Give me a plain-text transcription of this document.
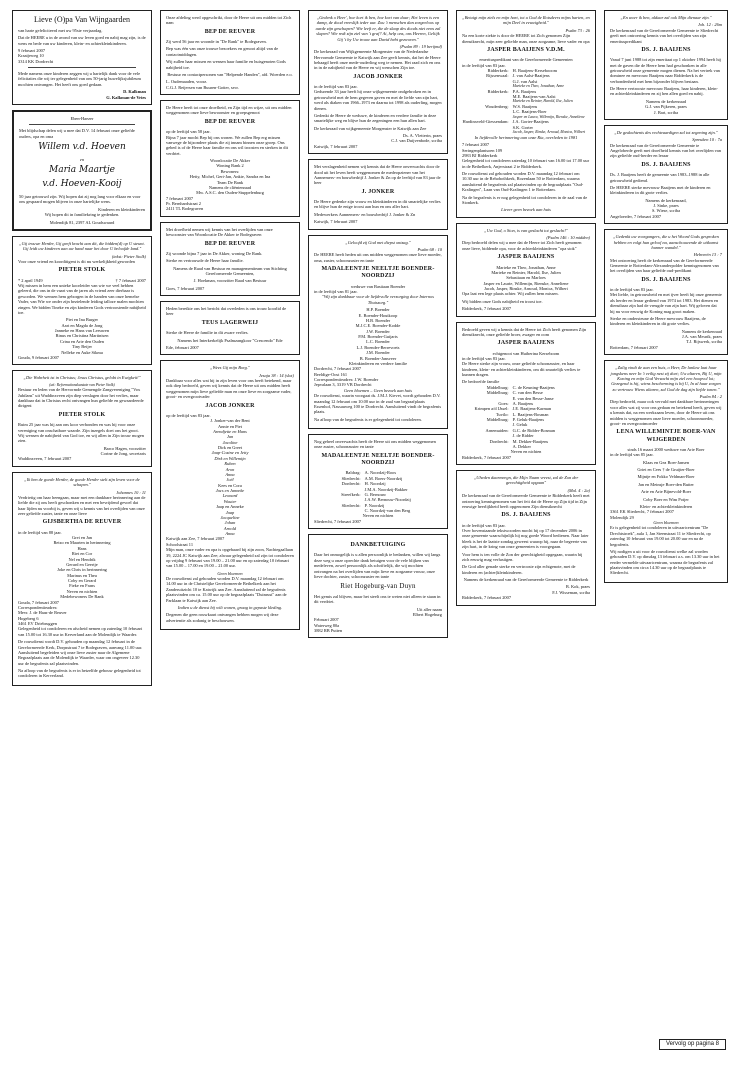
Lieve (O)pa Van Wijngaarden

van harte gefeliciteerd met uw 95ste verjaardag.

Dat de HEERE u in de avond van uw leven goed en nabij mag zijn, is de wens en bede van uw kinderen, klein- en achterkleinkinderen.

9 februari 2007
Kraaijeweg 10
3314 KK Dordrecht

Mede namens onze kinderen zeggen wij u hartelijk dank voor de vele felicitaties die wij ter gelegenheid van ons 50-jarig huwelijksjubileum mochten ontvangen. Het heeft ons goed gedaan.

D. Kalkman
G. Kalkman-de Vries
Eben-Haezer

Met blijdschap delen wij u mee dat D.V. 14 februari onze geliefde ouders, opa en oma

Willem v.d. Hoeven
en
Maria Maartje
v.d. Hoeven-Kooij

50 jaar getrouwd zijn. Wij hopen dat zij nog lang voor elkaar en voor ons gespaard mogen blijven in onze hartelijke wens.

Kinderen en kleinkinderen

Wij hopen dit in familiekring te gedenken.

Molendijk 81, 2397 AL Goudswaard

„Gij trouwe Herder, Gij geeft kracht aan dit, die bidden(d) op U steunt. Gij leidt uw kinderen aan uw hand naar het door U beloofde land."

(tekst: Pieter Stolk)

Voor onze vriend en koorditigent is dit nu werkelijkheid geworden

PIETER STOLK
* 2 april 1949	† 7 februari 2007

Wij missen in hem een unieke koorleider van wie we veel hebben geleerd, die ons in de vaart van de jaren als vriend zeer dierbaar is geworden. We wensen hem geborgen in de handen van onze hemelse Vader, van Wie we onder zijn bezielende leiding talloze malen mochten zingen. We bidden Tineke en zijn kinderen Gods vertroostende nabijheid toe.

Piet en Ina Burger
Aart en Magda de Jong
Janneke en Hans van Leeuwen
Rinus en Christina Martinisen
Crina en Arie den Ouden
Tiny Beijer
Nelleke en Auke Sikma
Gouda, 9 februari 2007

„Die Wahrheit ist in Christus; Jesus Christus, gelobt in Ewigkeit!"

(uit: Reformationskantate van Pieter Stolk)

Bestuur en leden van de Hervormde Gemengde Zangvereniging "Vox Jubilans" uit Waddinxveen zijn diep verslagen door het verlies, maar dankbaar dat in Christus recht ontvangen hun geliefde en gewaardeerde dirigent

PIETER STOLK

Ruim 25 jaar was hij aan ons koor verbonden en was hij voor onze vereniging van onschatbare waarde. Zijn inzegels doet ons het groot. Wij wensen de nabijheid van God toe, en wij allen in Zijn trouw mogen zien.

Barco Hagen, voorzitter
Corine de Jong, secretaris
Waddinxveen, 7 februari 2007

„Ik ben de goede Herder, de goede Herder stelt zijn leven voor de schapen."

Johannes 10 : 11

Verdrietig om haar heengaan, maar met een dankbare herinnering aan de liefde die zij ons heeft geschonken en met een bevrijdend gevoel dat haar lijden nu voorbij is, geven wij u kennis van het overlijden van onze zeer geliefde zuster, tante en onze lieve

GIJSBERTHA DE REUVER
in de leeftijd van 88 jaar.
Grei en Jan
Retzo en Maarten in herinnering
Hans
Riet en Cor
Nel en Hendrik
Gerard en Geertje
Joke en Chris in herinnering
Marinus en Thea
Coby en Gerard
Fieke en Frans
Neven en nichten
Medebewoners De Rank
Gouda, 7 februari 2007
Correspondentieadres:
Mevr. J. de Haas-de Reuver
Hogeberg 6
3461 EV Driebruggen

Gelegenheid tot condoleren en afscheid nemen op zaterdag 10 februari van 15.00 tot 16.30 uur in Kerverland aan de Molendijk te Waarder.

De rouwdienst wordt D.V. gehouden op maandag 12 februari in de Gereformeerde Kerk, Dorpsstraat 7 te Bodegraven, aanvang 11.00 uur. Aansluitend begeleiden wij onze lieve zuster naar de Algemene Begraafplaats aan de Molendijk te Waarder, waar om ongeveer 12.30 uur de begrafenis zal plaatsvinden.

Na afloop van de begrafenis is er in hetzelfde gebouw gelegenheid tot condoleren in Kerverland.

Onze afdeling werd opgeschrikt, door de Heere uit ons midden tot Zich nam

BEP DE REUVER

Zij werd 56 jaar en woonde in "De Rank" te Bodegraven.

Bep was één van onze trouwe bezoekers en genoot altijd van de contactmiddagen.

Wij zullen haar missen en wensen haar familie en huisgenoten Gods nabijheid toe.

Bestuur en contactpersonen van "Helpende Handen", afd. Woerden e.o.

L. Oudemaaden, voorz.
C.G.J. Reijersen van Buuren-Gotter, secr.

De Heere heeft tot onze droefheid, en Zijn tijd en wijze, uit ons midden weggenomen onze lieve bewoonster en groepsgenoot

BEP DE REUVER
op de leeftijd van 58 jaar.

Bijna 7 jaar mocht Bep bij ons wonen. We zullen Bep erg missen vanwege de bijzondere plaats die zij innam binnen onze groep. Ons gebed is of de Heere haar familie en ons wil troosten en sterken in dit verdriet.

Woonlocatie De Akker
Woning Rank 2
Bewoners:
Hetty, Michel, Gert-Jan, Ankie, Sandra en Ina
Team De Bank
Namens de cliëntenraad
Mw. A.S.C. den Ouden-Stuppelenburg
7 februari 2007
Pr. Bernhardstraat 2
2411 TL Bodegraven

Met droefheid nemen wij kennis van het overlijden van onze bewoonster van Woonlocatie De Akker te Bodegraven

BEP DE REUVER

Zij woonde bijna 7 jaar in De Akker, woning De Rank.

Sterke en vertrouwde de Heere haar familie.

Namens de Raad van Bestuur en managementteam van Stichting Gereformeerde Gemeenten,

J. Hoekman, voorzitter Raad van Bestuur

Goes, 7 februari 2007

Heden bereikte ons het bericht dat overleden is ons trouw koorlid de heer

TEUS LAGERWEIJ

Sterke de Heere de familie in dit zware verlies.

Namens het Interkerkelijk Psalmzangkoor "Crescendo" Ede

Ede, februari 2007

„Wees Gij mijn Borg."

Jesaja 38 : 14 (slot)

Dankbaar voor alles wat hij in zijn leven voor ons heeft betekend, maar ook diep bedroefd, geven wij kennis dat de Heere uit ons midden heeft weggenomen mijn lieve geliefde man en onze lieve en zorgzame vader, groot- en overgrootvader

JACOB JONKER
op de leeftijd van 83 jaar.
J. Jonker-van der Bent
Annie en Piet
Arendjette en Hans
Jan
Jacoline
Dirk en Greet
Jaap-Cozine en Jetty
Dirk en Willemijn
Ruben
Aron
Anna
Joël
Kees en Cora
Jacs en Janneke
Leonard
Wouter
Jaap en Anneke
Jaap
Jacqueline
Johan
Arnold
Anna
Katwijk aan Zee, 7 februari 2007
Schoolstraat 11

Mijn man, onze vader en opa is opgebaard bij zijn zoon, Nachtegaallaan 39, 2224 JC Katwijk aan Zee; alwaar gelegenheid zal zijn tot condoleren op vrijdag 9 februari van 19.00 – 21.00 uur en op zaterdag 10 februari van 15.00 – 17.00 en 19.00 – 21.00 uur.

Geen bloemen

De rouwdienst zal gehouden worden D.V. maandag 12 februari om 14.00 uur in de Christelijke Gereformeerde Bethelkerk aan het Zanderuitzicht 10 te Katwijk aan Zee. Aansluitend zal de begrafenis plaatsvinden om ca. 15.00 uur op de begraafplaats "Duinrust" aan de Parklaan te Katwijk aan Zee.

Indien u de dienst bij wilt wonen, graag in gepaste kleding.

Degenen die geen rouwkaart ontvangen hebben mogen wij deze advertentie als zodanig te beschouwen.

„Gedenk o Heer', hoe kort ik ben, hoe kort van duur; Het leven is een damp, de dood vreeslijk ieder uur. Zou 't menschen dan zorgeeloos op aarde zijn geschapen? Wie leeft er, die de slaap des doods niet eens zal slapen? Wie redt zijn ziel van 't graf? Ai, help ons, ons Heeren, Geliijk Gij 't by Uw trouw aan David hebt gezworen."

(Psalm 89 : 19 berijmd)

De kerkeraad van Wijkgemeente Morgenster van de Nederlandse Hervormde Gemeente te Katwijk aan Zee geeft kennis, dat het de Heere behaagd heeft onze mede-ouderling weg te nemen. Het raad zich en ons in in de nabijheid van de Heere en wij wenschen Zijn toe.

JACOB JONKER
in de leeftijd van 83 jaar.

Gedurende 33 jaar heeft hij onze wijkgemeente ondgebroken en in getrouwheid met de hem gegeven gaven en met de liefde van zijn hart, werd als diaken van 1966–1973 en daarna tot 1998 als ouderling, mogen dienen.

Gedenkt de Heere de weduwe, de kinderen en verdere familie in deze smartelijke weg en blijve hun de zegeningen een hun allen hart.

De kerkeraad van wijkgemeente Morgenster te Katwijk aan Zee

Ds. A. Vletterin, praes
C.J. van Duijvenbode, scriba
Katwijk, 7 februari 2007

Met verslagenheid nemen wij kennis dat de Heere onverwachts door de dood uit het leven heeft weggenomen de medeopziener van het Aannemers- en bouwbedrijf J. Jonker & Zn op de leeftijd van 83 jaar de heer

J. JONKER

De Heere gedenke zijn vrouw en kleinkinderen in dit smartelijke verlies en blijve hun de enige troost aan hun en ons aller hart.

Medewerkers Aannemers- en bouwbedrijf J. Jonker & Zn

Katwijk, 7 februari 2007

„Geloofd zij God met diepst ontzag."

Psalm 68 : 10

De HEERE heeft heden uit ons midden weggenomen onze lieve moeder, oma, zuster, schoonzuster en tante

MADALEENTJE NEELTJE BOENDER-NOORDZIJ
weduwe van Bastiaan Boender
in de leeftijd van 81 jaar.

"Wij zijn dankbaar voor de liefdevolle verzorging door Internos Thuiszorg."

H.P. Boender
E. Boender-Houtkoop
H.B. Boender
M.J.C.E. Boender-Kodde
J.W. Boender
P.M. Boender-Guijarts
L.C. Boender
L.J. Boender-Berrevoets
J.M. Boender
B. Boender-Jansveer
Kleinkinderen en verdere familie
Dordrecht, 7 februari 2007
Beeldige-Oost 161
Correspondentieadres: J.W. Boender
Jepvalaan 3, 3319 VB Dordrecht
Geen bloemen – Geen bezoek aan huis

De rouwdienst, waarin voorgaat ds. J.M.J. Kievet, wordt gehouden D.V. maandag 12 februari om 10.00 uur in de zaal van begraafplaats Essenhof, Nassauweg 100 te Dordrecht. Aansluitend vindt de begrafenis plaats.

Na afloop van de begrafenis is er gelegenheid tot condoleren.

Nog geheel onverwachts heeft de Heere uit ons midden weggenomen onze zuster, schoonzuster en tante

MADALEENTJE NEELTJE BOENDER-NOORDZIJ
Baldrag: A. Noordzij-Roos
Sliedrecht: A.M. Boers-Noordzij
Dordrecht: H. Noordzij
J.M.A. Noordzij-Bakker
Streefkerk: G. Bernouw
J.A.W. Bernouw-Noordzij
Sliedrecht: P. Noordzij
C. Noordzij-van den Berg
Neven en nichten
Sliedrecht, 7 februari 2007
DANKBETUIGING

Daar het onmogelijk is u allen persoonlijk te bedanken, willen wij langs deze weg u onze oprechte dank betuigen voor de vele blijken van medeleven, zowel persoonlijk als schriftelijk, die wij mochten ontvangen na het overlijden van mijn lieve en zorgzame vrouw, onze lieve dochter, zuster, schoonzuster en tante

Riet Hogeburg-van Duyn

Het gemis zal blijven, maar het steelt ons te weten niet alleen te staan in dit verdriet.

Uit aller naam
Elbert Hogeburg
Februari 2007
Waterweg 80a
3882 RB Putten

„Betuigt mijn ziels en mijn hart, tot u God de Rotsdeers mijns harten, en mijn Deel in eeuwigheid."

Psalm 73 : 26

Na een korte ziekte is door de HEERE tot Zich genomen Zijn dienstknecht, mijn zeer geliefde man, onze zorgzame, lieve vader en opa

JASPER BAAIJENS V.D.M.
emerituspredikant van de Gereformeerde Gemeenten
in de leeftijd van 83 jaar.
Ridderkerk: H. Baaijens-Kersebooom
Rijssenwaal: J. van Aalst-Baaijens
G.J. van Aalst
Marieke en Theo, Jonathan, Anne
Ridderkerk: P.A. Baaijens
M.E. Baaijens-van Aalst
Marieke en Reinier, Harold, Ilse, Julien
Woudenberg: W.S. Baaijens
L.C. Baaijens-Boer
Jasper en Laura, Willemijn, Rienske, Anneliene
Hardinxveld-Giessendam: J.A. Gorter-Baaijens
S.K. Gorter
Jacob, Jasper, Rinske, Arnoud, Monica, Wilbert

In liefdevolle herinnering aan onze Ria, overleden in 1981

7 februari 2007
Seringenplantsoen 109
2983 BJ Ridderkerk

Gelegenheid tot condoleren zaterdag 10 februari van 16.00 tot 17.00 uur in de Bethelkerk, Anjerstraat 2 te Ridderkerk.

De rouwdienst zal gehouden worden D.V. maandag 12 februari om 10.30 uur in de Rehobothkerk, Rozenlaan 50 te Rotterdam, waarna aansluitend de begrafenis zal plaatsvinden op de begraafplaats "Oud-Kralingen", Laan van Oud-Kralingen 1 te Rotterdam.

Na de begrafenis is er nog gelegenheid tot condoleren in de zaal van de Sionkerk.

Liever geen bezoek aan huis

„Uw God, o Sion, is van geslacht tot geslacht!"

(Psalm 146 : 10 midden)

Diep bedroefd delen wij u mee dat de Heere tot Zich heeft genomen onze lieve, biddende opa, voor de achterkleinkinderen "opa stok"

JASPER BAAIJENS
Marieke en Theo, Jonathan, Anne
Marieke en Reinier, Harold, Ilse, Julien
Sebastiaan en Marloes
Jasper en Laurie, Willemijn, Rienske, Anneliene
Jacob, Jasper, Rinske, Arnoud, Monica, Wilbert

Opa laat een lege plaats achter. Wij zullen hem missen.

Wij bidden onze Gods nabijheid en troost toe.

Ridderkerk, 7 februari 2007

Bedroefd geven wij u kennis dat de Heere tot Zich heeft genomen Zijn dienstknecht, onze geliefde broer, zwager en oom

JASPER BAAIJENS
echtgenoot van Huiberina Kerseboom
in de leeftijd van 83 jaar.

De Heere sterke zijn vrouw, onze geliefde schoonzuster, en haar kinderen, klein- en achterkleinkinderen, om dit smartelijk verlies te kunnen dragen.

De bedroefde familie
Middelburg: C. de Keuning-Baaijens
Middelburg: C. van den Besse
E. van den Besse-Janse
Goes: A. Baaijens
Krimpen a/d IJssel: J.E. Baaijens-Karman
Tuvilo: L. Baaijens-Bosman
Middelburg: P. Geluk-Baaijens
J. Geluk
Arnemuiden: G.C. de Ridder-Bosman
J. de Ridder
Dordrecht: M. Dekker-Baaijens
A. Dekker
Neven en nichten
Ridderkerk, 7 februari 2007

„Uheden daarmeegn, die Mijn Naam vreest, zal de Zon der gerechtigheid opgaan"

(Mal. 4 : 2a)

De kerkenraad van de Gereformeerde Gemeente te Ridderkerk heeft met ontroering kennisgenomen van het feit dat de Heere op Zijn tijd in Zijn eeuwige heerlijkheid heeft opgenomen Zijn dienstknecht

DS. J. BAAIJENS
in de leeftijd van 83 jaar.

Over bovenstaande tekstwoorden mocht hij op 17 december 2006 in onze gemeente waarschijnlijk hij nog goede Woord bedienen. Naar later bleek is het de laatste zondag geweest waarop hij, naar de begeerte van zijn hart, in de kring van onze gemeenten is voorgegaan.

Voor hem is ten volle de Zon der gerechtigheid opgegaan, waarin hij zich eeuwig mag verlustigen.

De God aller genade sterke en vertrooste zijn echtgenote, met de kinderen en (achter)kleinkinderen.

Namens de kerkenraad van de Gereformeerde Gemeente te Ridderkerk

B. Kok, praes
F.J. Wisseman, scriba
Ridderkerk, 7 februari 2007

„En uwer ik ben, aldaar zal ook Mijn dienaar zijn."

Joh. 12 : 26m

De kerkenraad van de Gereformeerde Gemeente te Sliedrecht geeft met ontroering kennis van het overlijden van zijn emerituspredikant

DS. J. BAAIJENS

Vanaf 7 juni 1988 tot zijn emeritaat op 1 oktober 1994 heeft hij met de gaven die de Heere hem had geschonken in alle getrouwheid onze gemeente mogen dienen. Na het vertrek van dominee en mevrouw Baaijens naar Ridderkerk is de verbondenheid met hem bijzonder blijven bestaan.

De Heere vertrooste mevrouw Baaijens, haar kinderen, klein- en achterkleinkinderen en zij hen allen goed en nabij.

Namens de kerkenraad
G.J. van Pijkeren, praes
J. Bart, scriba

„De gedachtenis des rechtvaardigen zal tot zegening zijn."

Spreuken 10 : 7a

De kerkenraad van de Gereformeerde Gemeente te Angeloberde geeft met droefheid kennis van het overlijden van zijn geliefde oud-herder en leraar

DS. J. BAAIJENS

Ds. J. Baaijens heeft de gemeente van 1983–1988 in alle getrouwheid gediend.

De HEERE sterke mevrouw Baaijens met de kinderen en kleinkinderen in dit grote verlies.

Namens de kerkenraad,
J. Sinke, praes
S. Wiese, scriba
Angeloerder, 7 februari 2007

„Gedenkt uw voorgangers, die u het Woord Gods gesproken hebben en volgt hun geloof na, aanschouwende de uitkomst hunner wandel."

Hebreeën 13 : 7

Met ontroering heeft de kerkenraad van de Gereformeerde Gemeente te Rotterdam-Alexanderpolder kennisgenomen van het overlijden van haar geliefde oud-predikant

DS. J. BAAIJENS
in de leeftijd van 83 jaar.

Met liefde, in getrouwheid en met ijver heeft hij onze gemeente als herder en leraar gediend van 1974 tot 1983. Het dienen en dienstbaar zijn had de vreugde van zijn hart. Wij geloven dat hij nu voor eeuwig de Koning mag groot maken.

Sterke en ondersteune de Heere mevrouw Baaijens, de kinderen en kleinkinderen in dit grote verlies.

Namens de kerkenraad
J.A. van Meurik, praes
T.J. Rijswerk, scriba
Rotterdam, 7 februari 2007

„Zalig vindt de aan een huis, o Heer, De lanlaw laat haar jongskens neer In 't veilig nest zij doet; Uw altaren, Bij U, mijn Koning en mijn God Verzacht mijn ziel een hoopvol lot; Gezegend is hij, wiens bescherming is bij U, In al haar zorgen zo vertrouw Wiens altaren, zal God de dag zijn liefde tonen."

Psalm 84 : 2

Diep bedroefd, maar ook vervuld met dankbare herinneringen voor alles wat zij voor ons gedaan en betekend heeft, geven wij u kennis dat, na een werkzaam leven, door de Heere uit ons midden is weggenomen onze lieve moeder, schoonmoeder, groot- en overgrootmoeder

LENA WILLEMINTJE BOER-VAN WIJGERDEN
sinds 16 maart 2000 weduwe van Arie Boer
in de leeftijd van 85 jaar.
Klaas en Gea Boer-Jansen
Griet en Cees † de Gruijter-Boer
Mijntje en Fokko Veldman-Boer
Jan en Meinsje Boer-den Butter
Arie en Arie Bijnevold-Boer
Coby Boer en Wim Potjer
Klein- en achterkleinkinderen
3361 EK Sliedrecht, 7 februari 2007
Molendijk 29
Geen bloemen

Er is gelegenheid tot condoleren in uitvaartcentrum "De Drechtstroek", aula 1, Jan Steenstraat 11 te Sliedrecht, op zaterdag 10 februari van 19.00 tot 20.00 uur en na de begrafenis.

Wij nodigen u uit voor de rouwdienst welke zal worden gehouden D.V. op dinsdag 13 februari a.s. om 13.30 uur in het eerder vermelde uitvaartcentrum, waarna de begrafenis zal plaatsvinden om circa 14.30 uur op de begraafplaats te Sliedrecht.

Vervolg op pagina 8
